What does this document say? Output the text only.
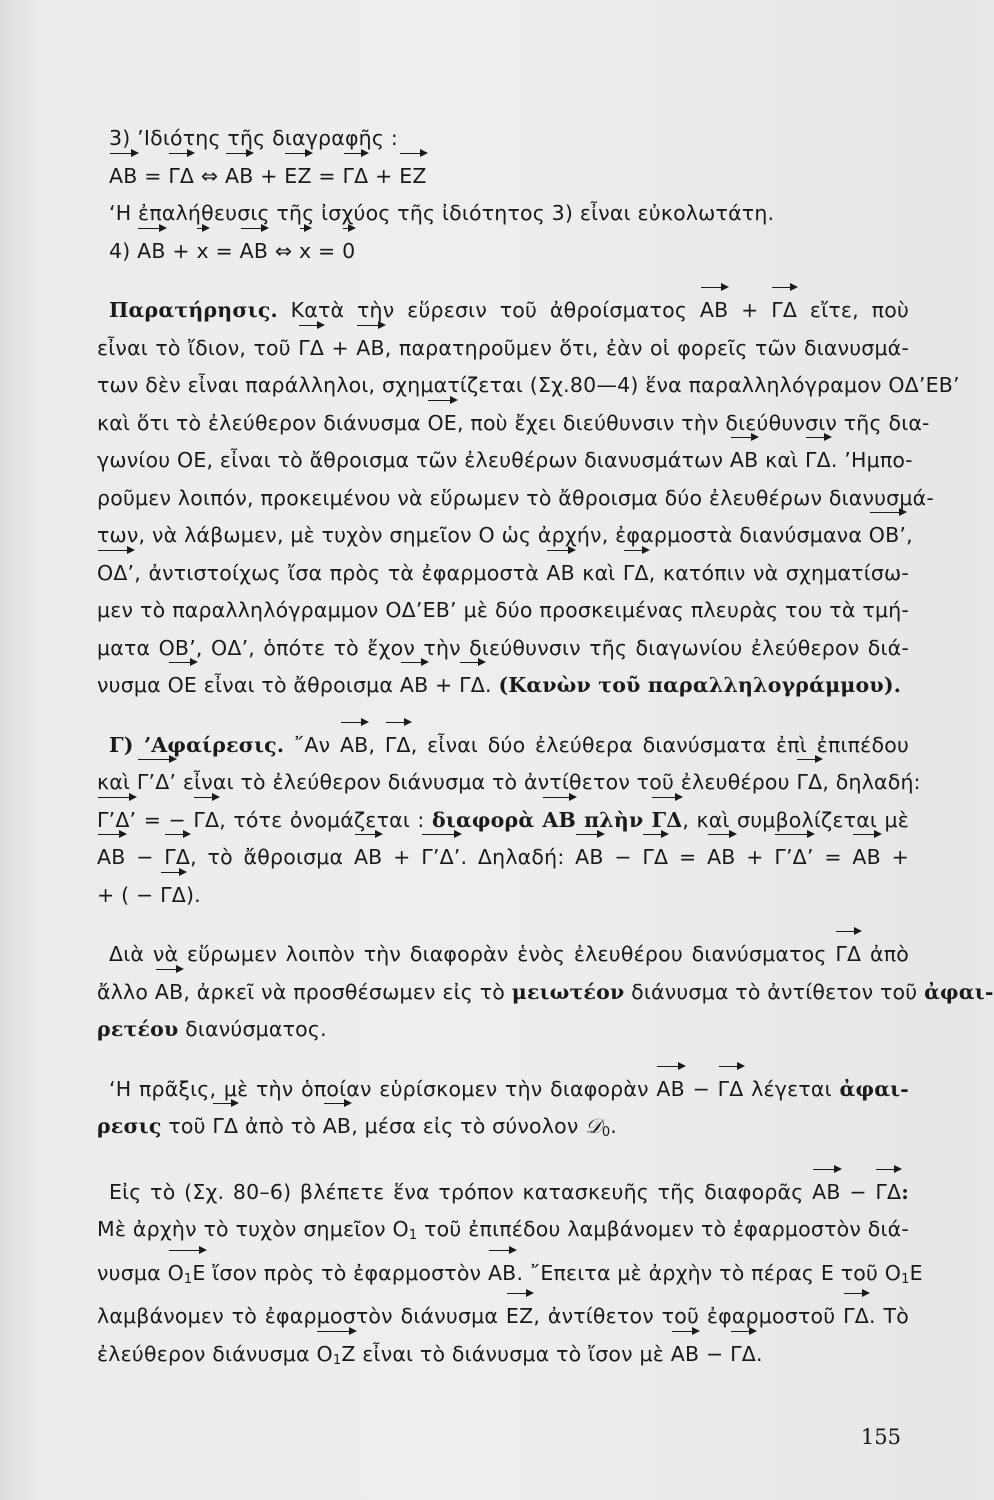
3) ’Ιδιότης τῆς διαγραφῆς :
AB = ΓΔ ⇔ AB + EZ = ΓΔ + EZ
‘Η ἐπαλήθευσις τῆς ἰσχύος τῆς ἰδιότητος 3) εἶναι εὐκολωτάτη.
4) AB + x = AB ⇔ x = 0
Παρατήρησις. Κατὰ τὴν εὕρεσιν τοῦ ἀθροίσματος AB + ΓΔ εἴτε, ποὺ
εἶναι τὸ ἴδιον, τοῦ ΓΔ + AB, παρατηροῦμεν ὅτι, ἐὰν οἱ φορεῖς τῶν διανυσμά-
των δὲν εἶναι παράλληλοι, σχηματίζεται (Σχ.80—4) ἕνα παραλληλόγραμον ΟΔ’ΕΒ’
καὶ ὅτι τὸ ἐλεύθερον διάνυσμα ΟΕ, ποὺ ἔχει διεύθυνσιν τὴν διεύθυνσιν τῆς δια-
γωνίου ΟΕ, εἶναι τὸ ἄθροισμα τῶν ἐλευθέρων διανυσμάτων AB καὶ ΓΔ. ’Ημπο-
ροῦμεν λοιπόν, προκειμένου νὰ εὕρωμεν τὸ ἄθροισμα δύο ἐλευθέρων διανυσμά-
των, νὰ λάβωμεν, μὲ τυχὸν σημεῖον Ο ὡς ἀρχήν, ἐφαρμοστὰ διανύσμανα ΟΒ’,
ΟΔ’, ἀντιστοίχως ἴσα πρὸς τὰ ἐφαρμοστὰ AB καὶ ΓΔ, κατόπιν νὰ σχηματίσω-
μεν τὸ παραλληλόγραμμον ΟΔ’ΕΒ’ μὲ δύο προσκειμένας πλευρὰς του τὰ τμή-
ματα ΟΒ’, ΟΔ’, ὁπότε τὸ ἔχον τὴν διεύθυνσιν τῆς διαγωνίου ἐλεύθερον διά-
νυσμα ΟΕ εἶναι τὸ ἄθροισμα AB + ΓΔ. (Κανὼν τοῦ παραλληλογράμμου).
Γ) ’Αφαίρεσις. ῎Αν AB, ΓΔ, εἶναι δύο ἐλεύθερα διανύσματα ἐπὶ ἐπιπέδου
καὶ Γ’Δ’ εἶναι τὸ ἐλεύθερον διάνυσμα τὸ ἀντίθετον τοῦ ἐλευθέρου ΓΔ, δηλαδή:
Γ’Δ’ = − ΓΔ, τότε ὀνομάζεται : διαφορὰ AB πλὴν ΓΔ, καὶ συμβολίζεται μὲ
AB − ΓΔ, τὸ ἄθροισμα AB + Γ’Δ’. Δηλαδή: AB − ΓΔ = AB + Γ’Δ’ = AB +
+ ( − ΓΔ).
Διὰ νὰ εὕρωμεν λοιπὸν τὴν διαφορὰν ἑνὸς ἐλευθέρου διανύσματος ΓΔ ἀπὸ
ἄλλο AB, ἀρκεῖ νὰ προσθέσωμεν εἰς τὸ μειωτέον διάνυσμα τὸ ἀντίθετον τοῦ ἀφαι-
ρετέου διανύσματος.
‘Η πρᾶξις, μὲ τὴν ὁποίαν εὑρίσκομεν τὴν διαφορὰν AB − ΓΔ λέγεται ἀφαι-
ρεσις τοῦ ΓΔ ἀπὸ τὸ AB, μέσα εἰς τὸ σύνολον 𝒟$_0$.
Εἰς τὸ (Σχ. 80–6) βλέπετε ἕνα τρόπον κατασκευῆς τῆς διαφορᾶς AB − ΓΔ:
Μὲ ἀρχὴν τὸ τυχὸν σημεῖον $O_1$ τοῦ ἐπιπέδου λαμβάνομεν τὸ ἐφαρμοστὸν διά-
νυσμα $O_1E$ ἴσον πρὸς τὸ ἐφαρμοστὸν AB. ῎Επειτα μὲ ἀρχὴν τὸ πέρας Ε τοῦ $O_1E$
λαμβάνομεν τὸ ἐφαρμοστὸν διάνυσμα ΕΖ, ἀντίθετον τοῦ ἐφαρμοστοῦ ΓΔ. Τὸ
ἐλεύθερον διάνυσμα $O_1Z$ εἶναι τὸ διάνυσμα τὸ ἴσον μὲ AB − ΓΔ.
155
